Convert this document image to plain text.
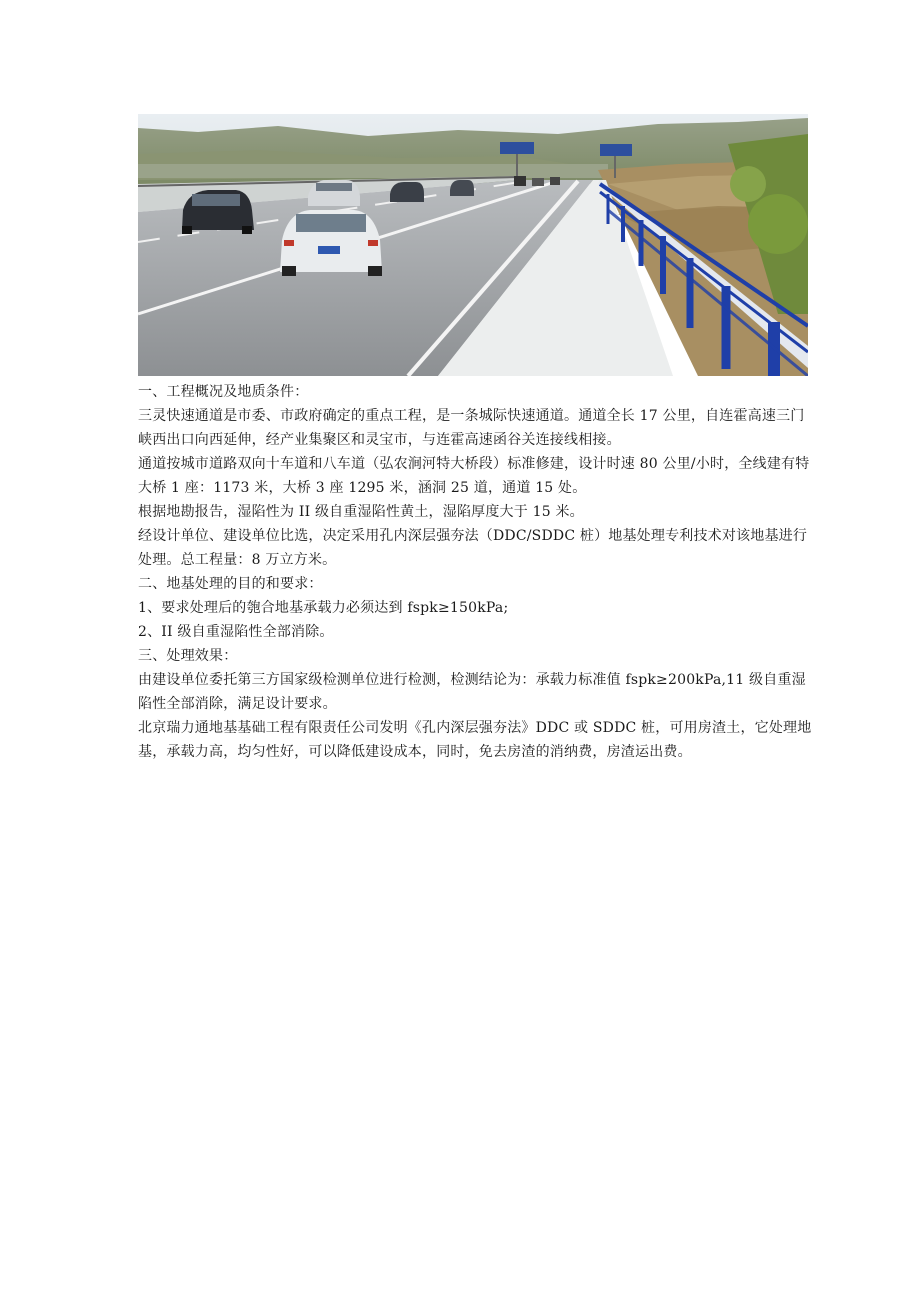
一、工程概况及地质条件：

三灵快速通道是市委、市政府确定的重点工程，是一条城际快速通道。通道全长 17 公里，自连霍高速三门峡西出口向西延伸，经产业集聚区和灵宝市，与连霍高速函谷关连接线相接。

通道按城市道路双向十车道和八车道（弘农涧河特大桥段）标准修建，设计时速 80 公里/小时，全线建有特大桥 1 座：1173 米，大桥 3 座 1295 米，涵洞 25 道，通道 15 处。

根据地勘报告，湿陷性为 II 级自重湿陷性黄土，湿陷厚度大于 15 米。

经设计单位、建设单位比选，决定采用孔内深层强夯法（DDC/SDDC 桩）地基处理专利技术对该地基进行处理。总工程量：8 万立方米。

二、地基处理的目的和要求：

1、要求处理后的匏合地基承载力必须达到 fspk≥150kPa;

2、II 级自重湿陷性全部消除。

三、处理效果：

由建设单位委托第三方国家级检测单位进行检测，检测结论为：承载力标准值 fspk≥200kPa,11 级自重湿陷性全部消除，满足设计要求。

北京瑞力通地基基础工程有限责任公司发明《孔内深层强夯法》DDC 或 SDDC 桩，可用房渣土，它处理地基，承载力高，均匀性好，可以降低建设成本，同时，免去房渣的消纳费，房渣运出费。
